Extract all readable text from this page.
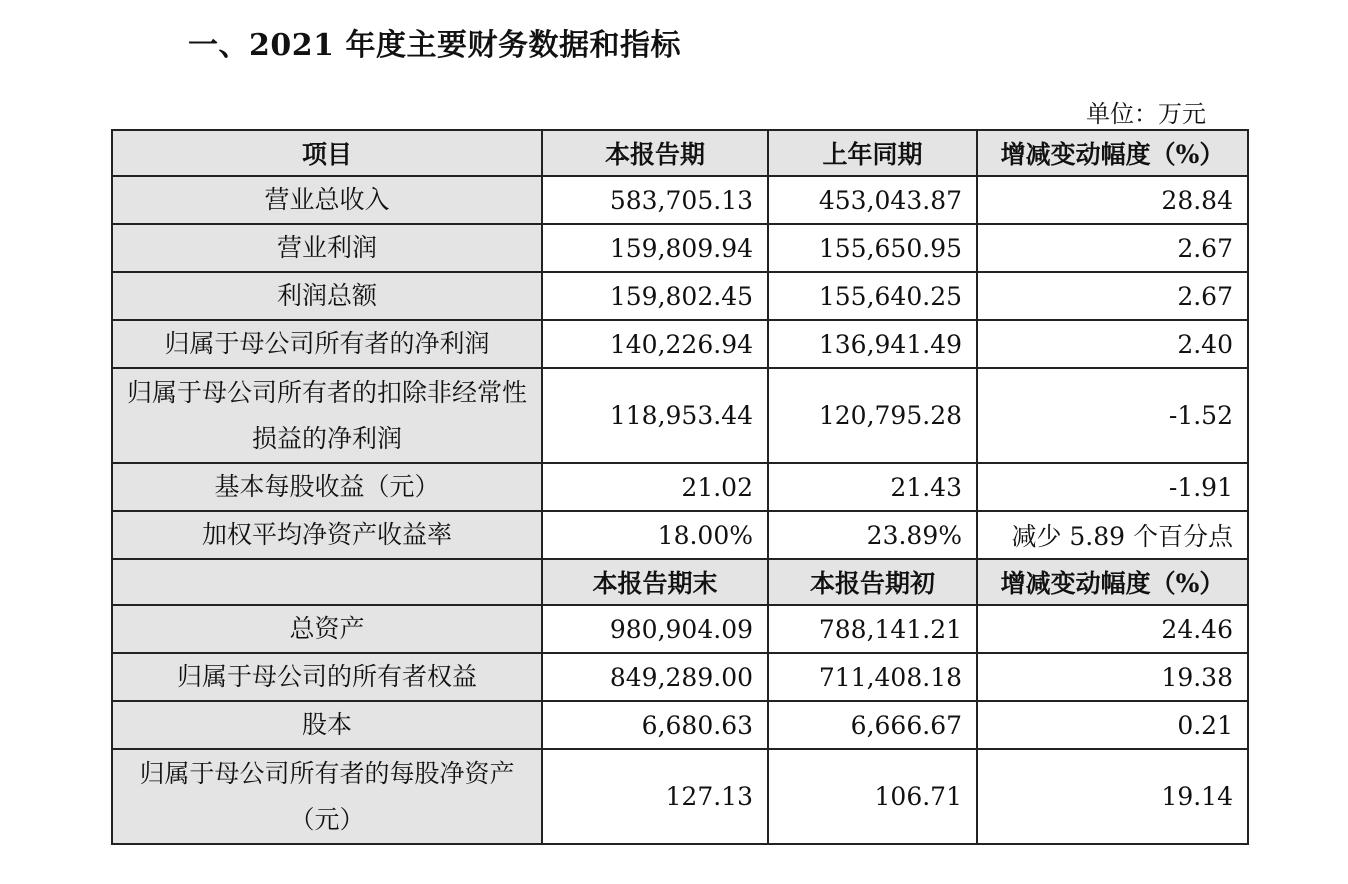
一、2021 年度主要财务数据和指标
单位：万元
项目	本报告期	上年同期	增减变动幅度（%）
营业总收入	583,705.13	453,043.87	28.84
营业利润	159,809.94	155,650.95	2.67
利润总额	159,802.45	155,640.25	2.67
归属于母公司所有者的净利润	140,226.94	136,941.49	2.40
归属于母公司所有者的扣除非经常性损益的净利润	118,953.44	120,795.28	-1.52
基本每股收益（元）	21.02	21.43	-1.91
加权平均净资产收益率	18.00%	23.89%	减少 5.89 个百分点
	本报告期末	本报告期初	增减变动幅度（%）
总资产	980,904.09	788,141.21	24.46
归属于母公司的所有者权益	849,289.00	711,408.18	19.38
股本	6,680.63	6,666.67	0.21
归属于母公司所有者的每股净资产（元）	127.13	106.71	19.14
